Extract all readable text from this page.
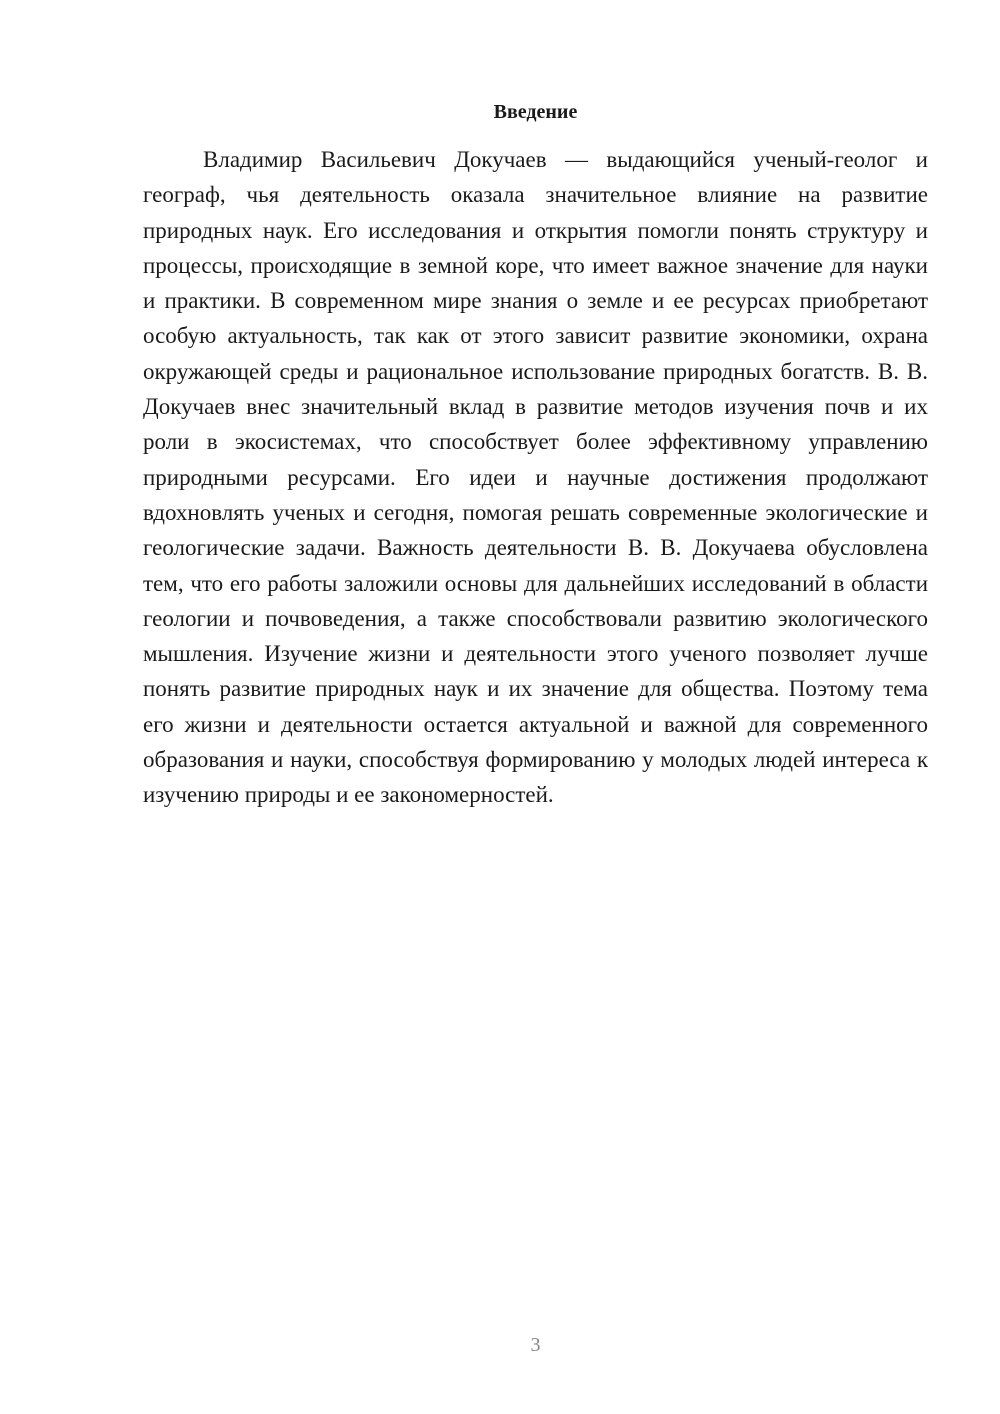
Введение

Владимир Васильевич Докучаев — выдающийся ученый-геолог и географ, чья деятельность оказала значительное влияние на развитие природных наук. Его исследования и открытия помогли понять структуру и процессы, происходящие в земной коре, что имеет важное значение для науки и практики. В современном мире знания о земле и ее ресурсах приобретают особую актуальность, так как от этого зависит развитие экономики, охрана окружающей среды и рациональное использование природных богатств. В. В. Докучаев внес значительный вклад в развитие методов изучения почв и их роли в экосистемах, что способствует более эффективному управлению природными ресурсами. Его идеи и научные достижения продолжают вдохновлять ученых и сегодня, помогая решать современные экологические и геологические задачи. Важность деятельности В. В. Докучаева обусловлена тем, что его работы заложили основы для дальнейших исследований в области геологии и почвоведения, а также способствовали развитию экологического мышления. Изучение жизни и деятельности этого ученого позволяет лучше понять развитие природных наук и их значение для общества. Поэтому тема его жизни и деятельности остается актуальной и важной для современного образования и науки, способствуя формированию у молодых людей интереса к изучению природы и ее закономерностей.

3
